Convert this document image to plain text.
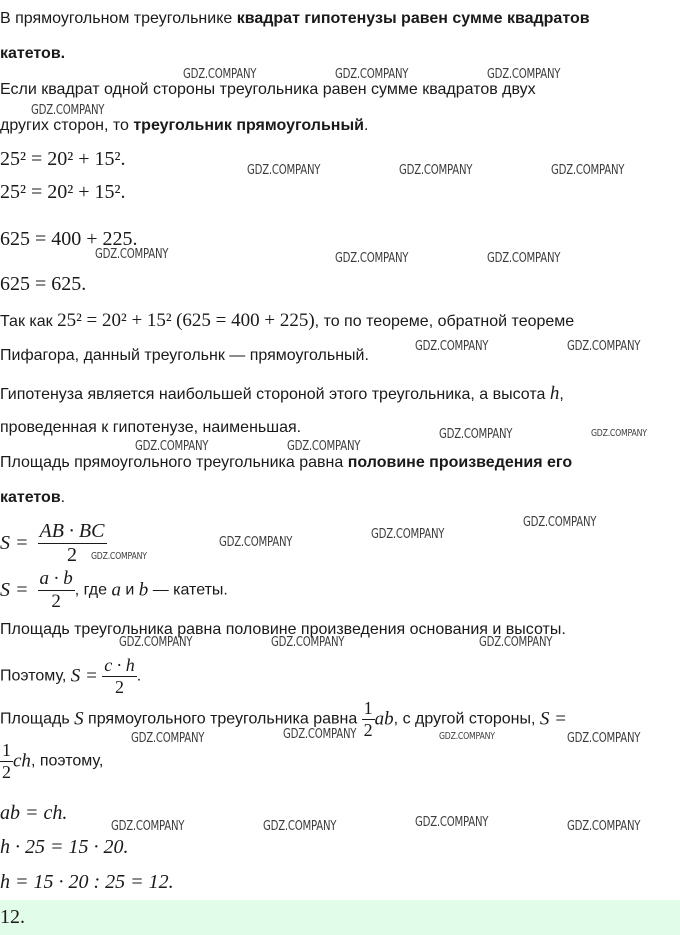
В прямоугольном треугольнике квадрат гипотенузы равен сумме квадратов
катетов.
Если квадрат одной стороны треугольника равен сумме квадратов двух
других сторон, то треугольник прямоугольный.
25² = 20² + 15².
25² = 20² + 15².
625 = 400 + 225.
625 = 625.
Так как 25² = 20² + 15² (625 = 400 + 225), то по теореме, обратной теореме
Пифагора, данный треугольнк — прямоугольный.
Гипотенуза является наибольшей стороной этого треугольника, а высота h,
проведенная к гипотенузе, наименьшая.
Площадь прямоугольного треугольника равна половине произведения его
катетов.
$S = \frac{AB \cdot BC}{2}$
$S = \frac{a \cdot b}{2}$ , где a и b — катеты.
Площадь треугольника равна половине произведения основания и высоты.
Поэтому, $S = \frac{c \cdot h}{2}$ .
Площадь S прямоугольного треугольника равна $\frac{1}{2}$ ab, с другой стороны, S =
$\frac{1}{2}$ ch, поэтому,
ab = ch.
h · 25 = 15 · 20.
h = 15 · 20 : 25 = 12.
12.
GDZ.COMPANY	GDZ.COMPANY	GDZ.COMPANY
GDZ.COMPANY
GDZ.COMPANY	GDZ.COMPANY	GDZ.COMPANY
GDZ.COMPANY	GDZ.COMPANY	GDZ.COMPANY
GDZ.COMPANY	GDZ.COMPANY
GDZ.COMPANY	GDZ.COMPANY
GDZ.COMPANY	GDZ.COMPANY
GDZ.COMPANY
GDZ.COMPANY
GDZ.COMPANY
GDZ.COMPANY
GDZ.COMPANY	GDZ.COMPANY	GDZ.COMPANY
GDZ.COMPANY
GDZ.COMPANY	GDZ.COMPANY	GDZ.COMPANY
GDZ.COMPANY
GDZ.COMPANY	GDZ.COMPANY	GDZ.COMPANY
